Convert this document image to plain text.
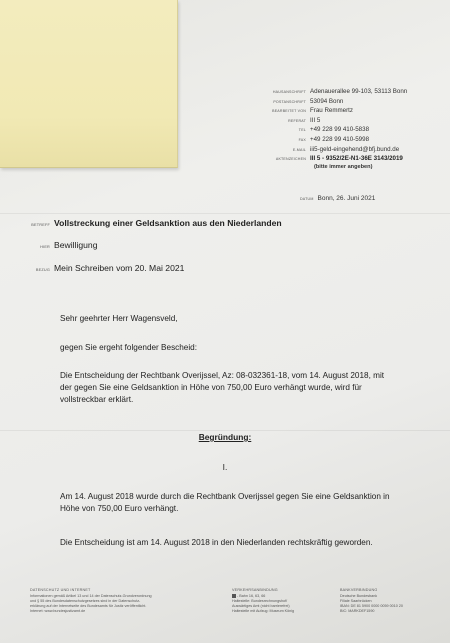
HAUSANSCHRIFT Adenauerallee 99-103, 53113 Bonn
POSTANSCHRIFT 53094 Bonn
BEARBEITET VON Frau Remmertz
REFERAT III 5
TEL +49 228 99 410-5838
FAX +49 228 99 410-5998
E-MAIL iii5-geld-eingehend@bfj.bund.de
AKTENZEICHEN III 5 - 9352/2E-N1-36E 3143/2019
(bitte immer angeben)
DATUM Bonn, 26. Juni 2021
BETREFF Vollstreckung einer Geldsanktion aus den Niederlanden
HIER Bewilligung
BEZUG Mein Schreiben vom 20. Mai 2021
Sehr geehrter Herr Wagensveld,
gegen Sie ergeht folgender Bescheid:
Die Entscheidung der Rechtbank Overijssel, Az: 08-032361-18, vom 14. August 2018, mit
der gegen Sie eine Geldsanktion in Höhe von 750,00 Euro verhängt wurde, wird für
vollstreckbar erklärt.
Begründung:
I.
Am 14. August 2018 wurde durch die Rechtbank Overijssel gegen Sie eine Geldsanktion in
Höhe von 750,00 Euro verhängt.
Die Entscheidung ist am 14. August 2018 in den Niederlanden rechtskräftig geworden.
DATENSCHUTZ UND INTERNET
Informationen gemäß Artikel 13 und 14 der Datenschutz-Grundverordnung
und § 55 des Bundesdatenschutzgesetzes sind in der Datenschutz-
erklärung auf der Internetseite des Bundesamts für Justiz veröffentlicht.
Internet: www.bundesjustizamt.de
VERKEHRSANBINDUNG
- Bahn 16, 63, 66
Haltestelle: Bundesrechnungshof/
Auswärtiges Amt (nicht barrierefrei)
Haltestelle mit Aufzug: Museum König
BANKVERBINDUNG
Deutsche Bundesbank
Filiale Saarbrücken
IBAN: DE 81 5900 0000 0059 0010 20
BIC: MARKDEF1590
